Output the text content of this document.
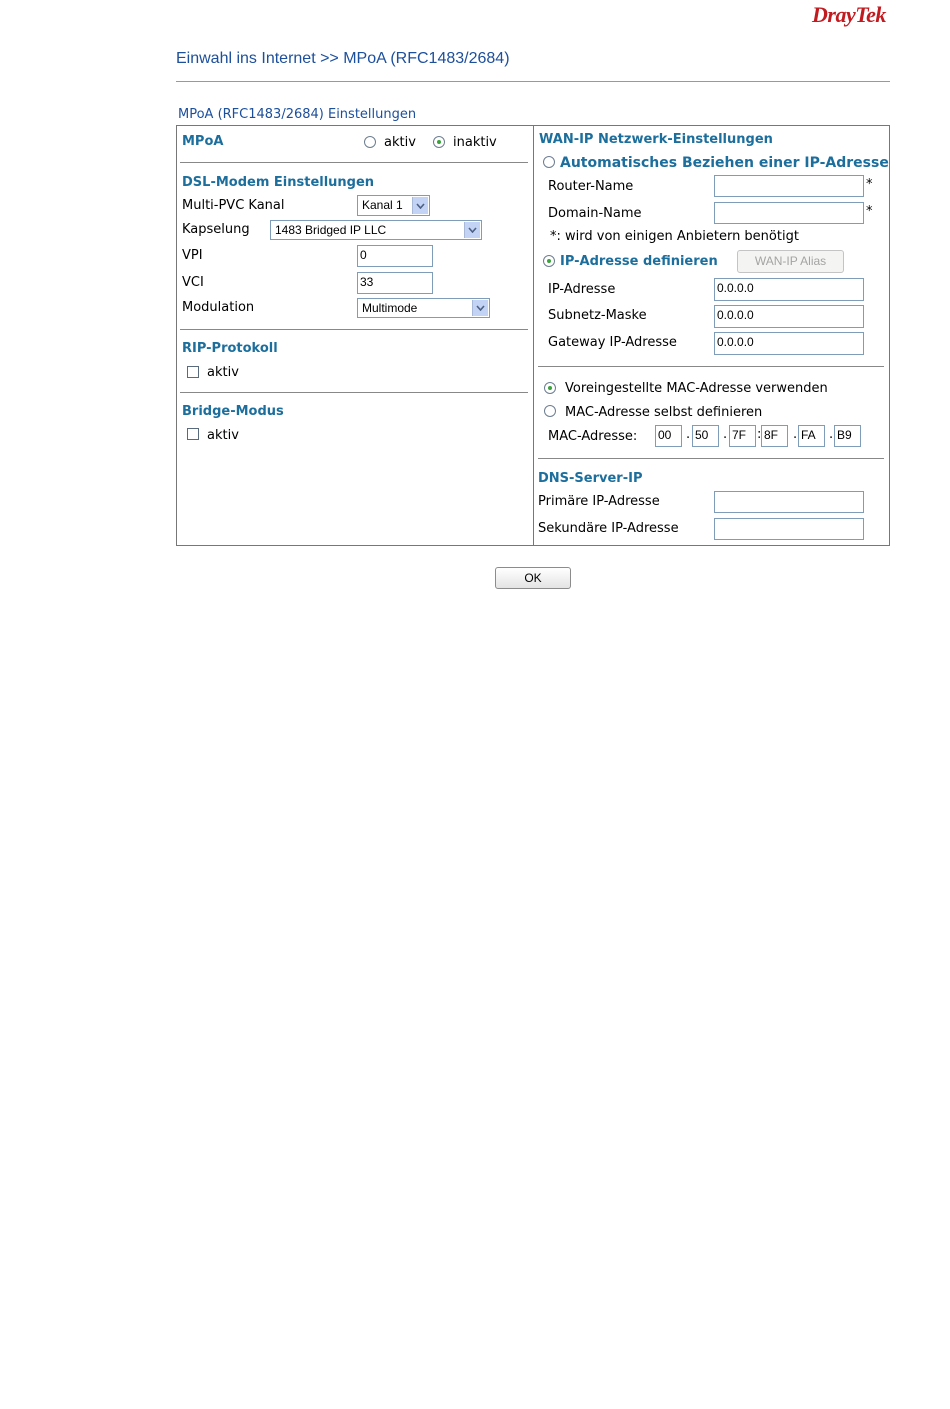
DrayTek
Einwahl ins Internet >> MPoA (RFC1483/2684)
MPoA (RFC1483/2684) Einstellungen
MPoA	aktiv	inaktiv
DSL-Modem Einstellungen
Multi-PVC Kanal	Kanal 1
Kapselung	1483 Bridged IP LLC
VPI	0
VCI	33
Modulation	Multimode
RIP-Protokoll
aktiv
Bridge-Modus
aktiv
WAN-IP Netzwerk-Einstellungen
Automatisches Beziehen einer IP-Adresse
Router-Name	*
Domain-Name	*
*: wird von einigen Anbietern benötigt
IP-Adresse definieren	WAN-IP Alias
IP-Adresse	0.0.0.0
Subnetz-Maske	0.0.0.0
Gateway IP-Adresse	0.0.0.0
Voreingestellte MAC-Adresse verwenden
MAC-Adresse selbst definieren
MAC-Adresse: 00	. 50	. 7F : 8F	. FA	. B9
DNS-Server-IP
Primäre IP-Adresse
Sekundäre IP-Adresse
OK
